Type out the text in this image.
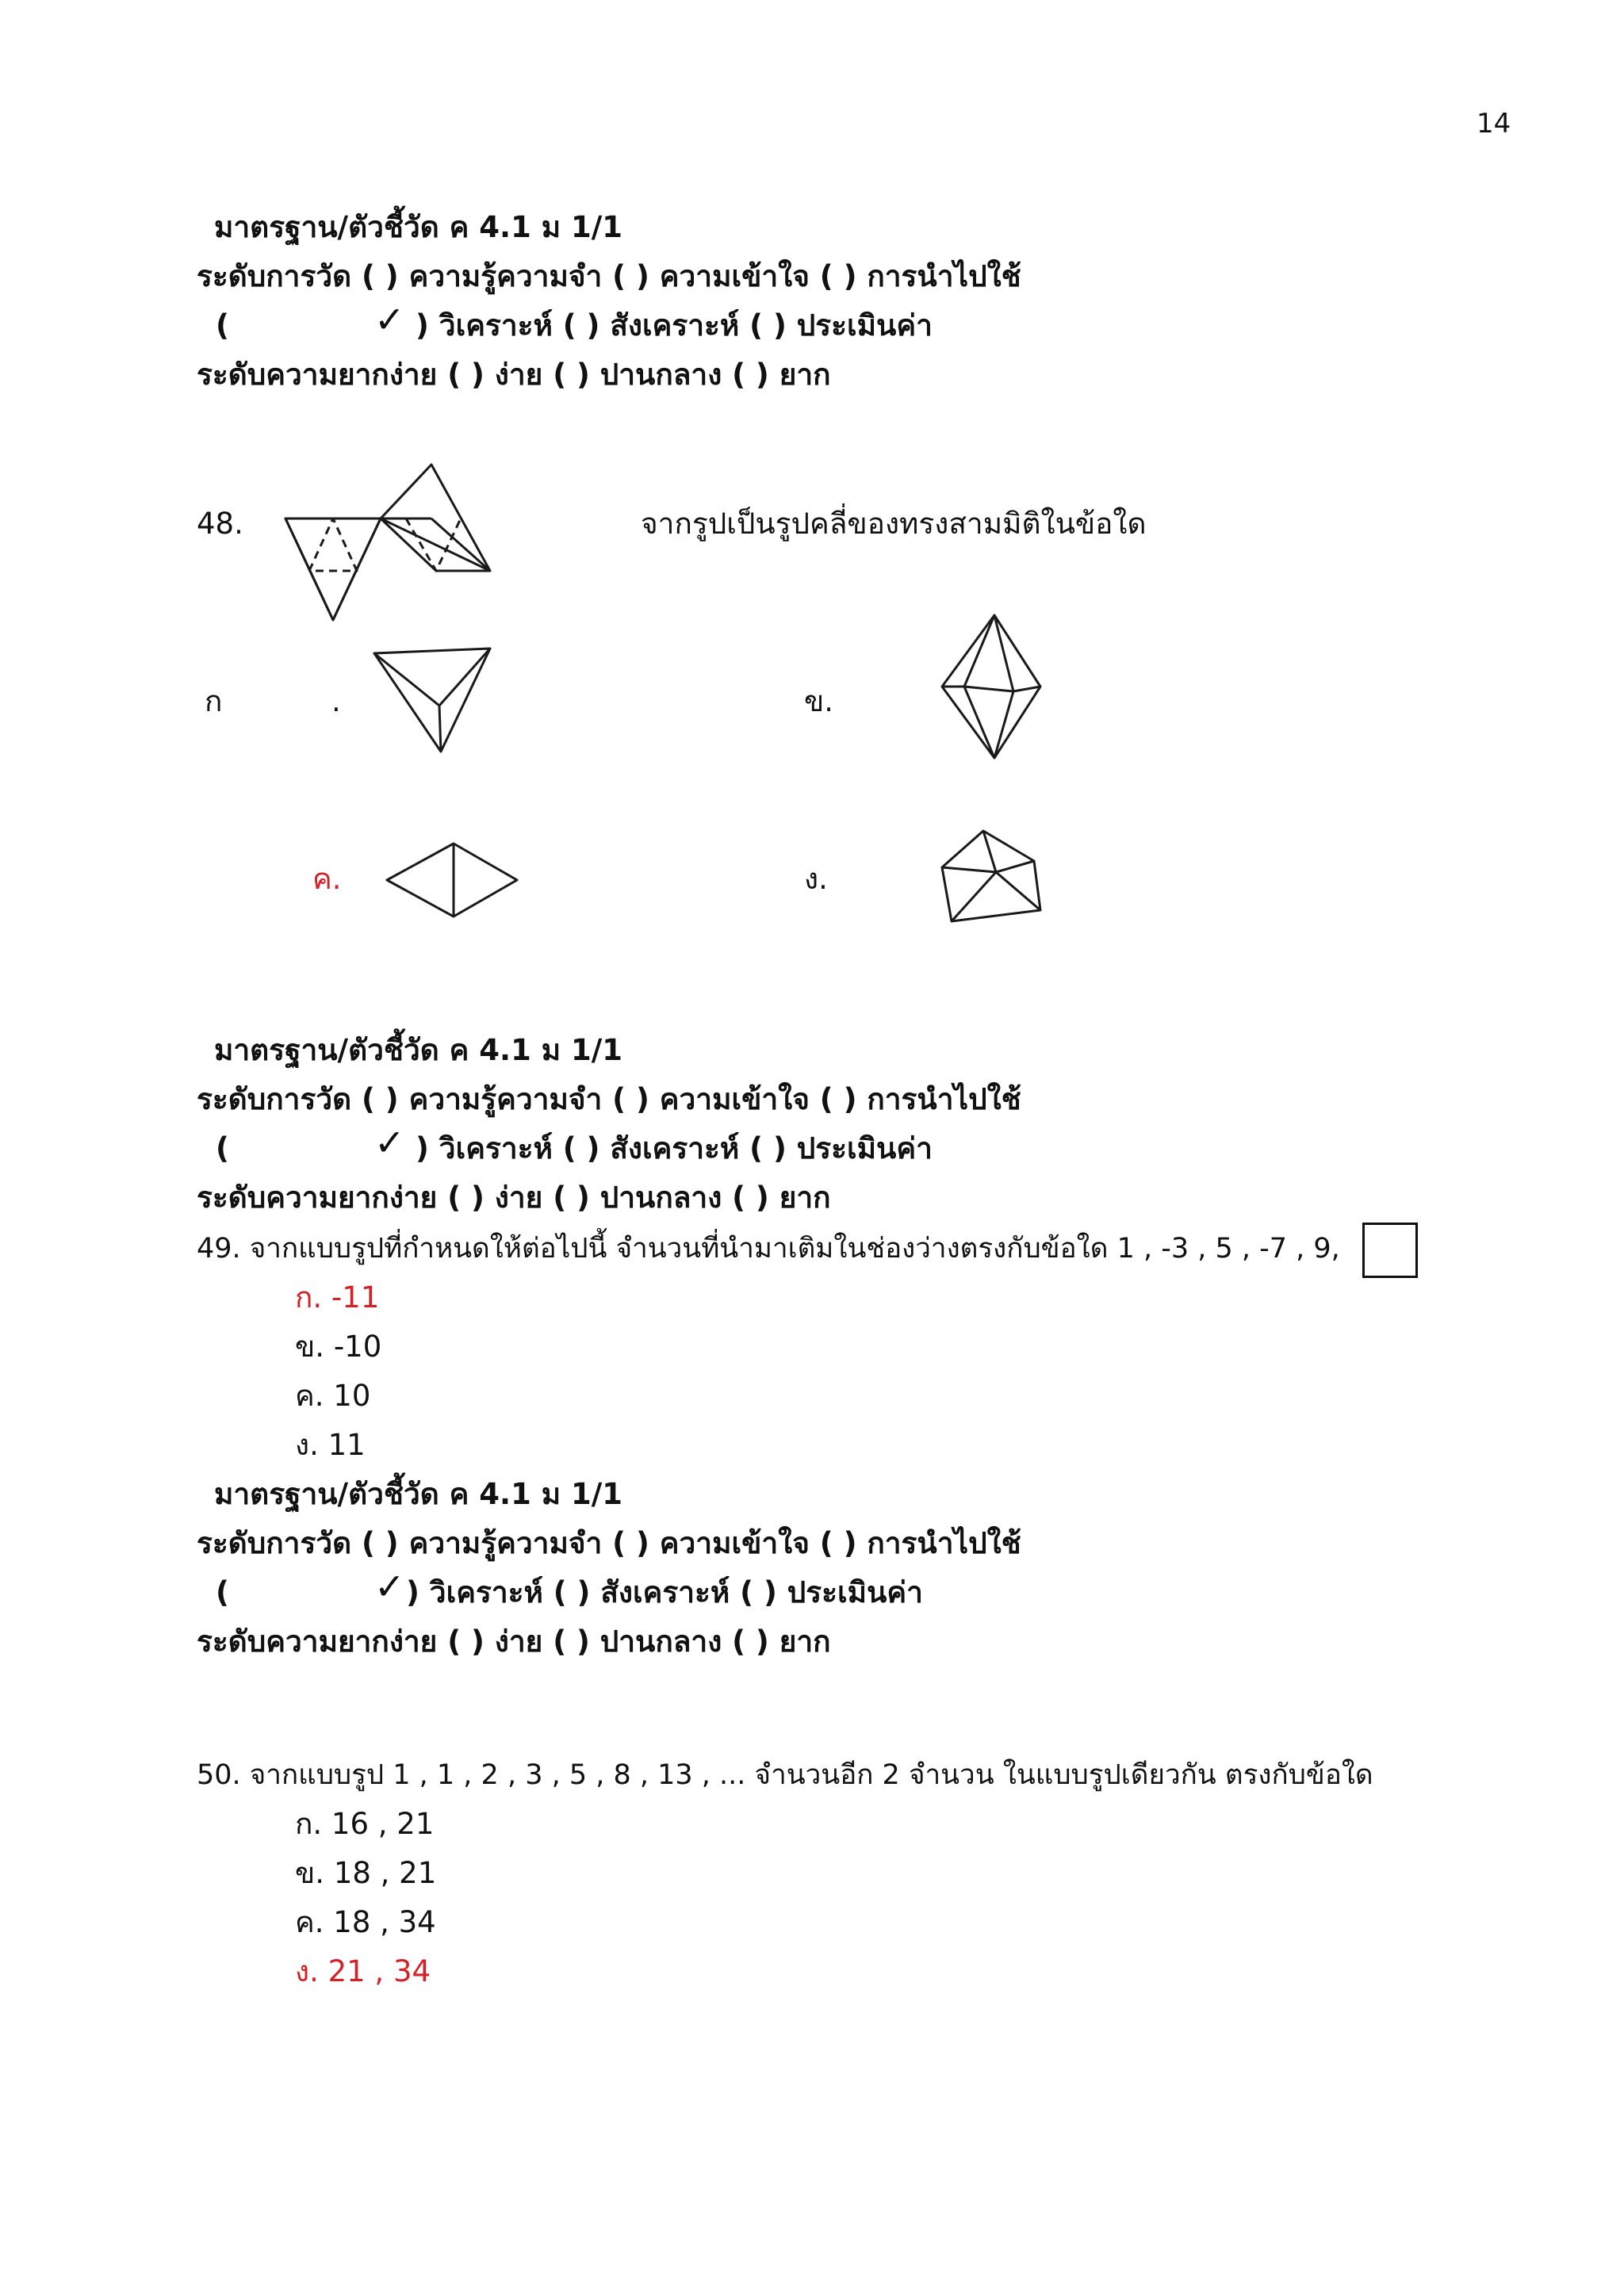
14
มาตรฐาน/ตัวชี้วัด ค 4.1 ม 1/1
ระดับการวัด ( ) ความรู้ความจำ ( ) ความเข้าใจ ( ) การนำไปใช้
(	✓ ) วิเคราะห์ ( ) สังเคราะห์ ( ) ประเมินค่า
ระดับความยากง่าย ( ) ง่าย ( ) ปานกลาง ( ) ยาก
48.	จากรูปเป็นรูปคลี่ของทรงสามมิติในข้อใด
ก	.	ข.
ค.	ง.
มาตรฐาน/ตัวชี้วัด ค 4.1 ม 1/1
ระดับการวัด ( ) ความรู้ความจำ ( ) ความเข้าใจ ( ) การนำไปใช้
(	✓ ) วิเคราะห์ ( ) สังเคราะห์ ( ) ประเมินค่า
ระดับความยากง่าย ( ) ง่าย ( ) ปานกลาง ( ) ยาก
49. จากแบบรูปที่กำหนดให้ต่อไปนี้ จำนวนที่นำมาเติมในช่องว่างตรงกับข้อใด 1 , -3 , 5 , -7 , 9,
ก. -11
ข. -10
ค. 10
ง. 11
มาตรฐาน/ตัวชี้วัด ค 4.1 ม 1/1
ระดับการวัด ( ) ความรู้ความจำ ( ) ความเข้าใจ ( ) การนำไปใช้
(	✓ ) วิเคราะห์ ( ) สังเคราะห์ ( ) ประเมินค่า
ระดับความยากง่าย ( ) ง่าย ( ) ปานกลาง ( ) ยาก
50. จากแบบรูป 1 , 1 , 2 , 3 , 5 , 8 , 13 , ... จำนวนอีก 2 จำนวน ในแบบรูปเดียวกัน ตรงกับข้อใด
ก. 16 , 21
ข. 18 , 21
ค. 18 , 34
ง. 21 , 34
